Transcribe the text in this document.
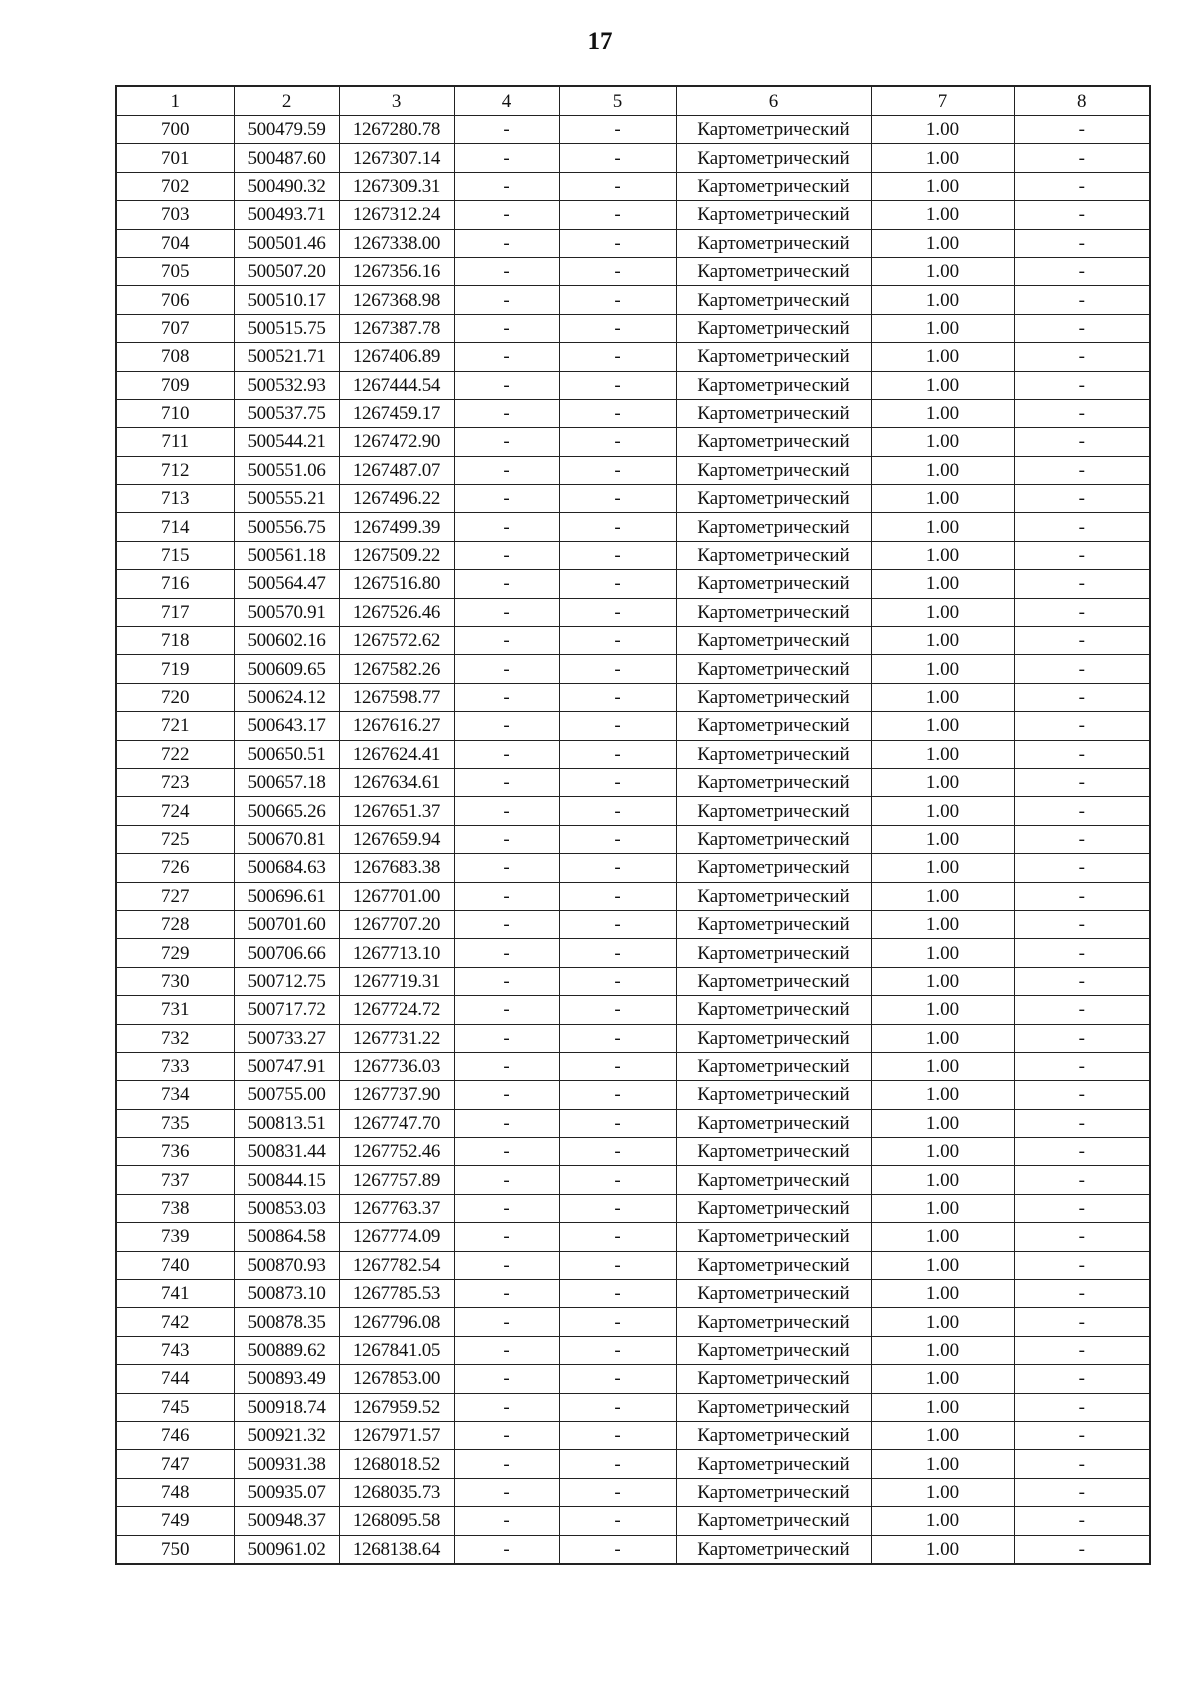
17
1	2	3	4	5	6	7	8
700	500479.59	1267280.78	-	-	Картометрический	1.00	-
701	500487.60	1267307.14	-	-	Картометрический	1.00	-
702	500490.32	1267309.31	-	-	Картометрический	1.00	-
703	500493.71	1267312.24	-	-	Картометрический	1.00	-
704	500501.46	1267338.00	-	-	Картометрический	1.00	-
705	500507.20	1267356.16	-	-	Картометрический	1.00	-
706	500510.17	1267368.98	-	-	Картометрический	1.00	-
707	500515.75	1267387.78	-	-	Картометрический	1.00	-
708	500521.71	1267406.89	-	-	Картометрический	1.00	-
709	500532.93	1267444.54	-	-	Картометрический	1.00	-
710	500537.75	1267459.17	-	-	Картометрический	1.00	-
711	500544.21	1267472.90	-	-	Картометрический	1.00	-
712	500551.06	1267487.07	-	-	Картометрический	1.00	-
713	500555.21	1267496.22	-	-	Картометрический	1.00	-
714	500556.75	1267499.39	-	-	Картометрический	1.00	-
715	500561.18	1267509.22	-	-	Картометрический	1.00	-
716	500564.47	1267516.80	-	-	Картометрический	1.00	-
717	500570.91	1267526.46	-	-	Картометрический	1.00	-
718	500602.16	1267572.62	-	-	Картометрический	1.00	-
719	500609.65	1267582.26	-	-	Картометрический	1.00	-
720	500624.12	1267598.77	-	-	Картометрический	1.00	-
721	500643.17	1267616.27	-	-	Картометрический	1.00	-
722	500650.51	1267624.41	-	-	Картометрический	1.00	-
723	500657.18	1267634.61	-	-	Картометрический	1.00	-
724	500665.26	1267651.37	-	-	Картометрический	1.00	-
725	500670.81	1267659.94	-	-	Картометрический	1.00	-
726	500684.63	1267683.38	-	-	Картометрический	1.00	-
727	500696.61	1267701.00	-	-	Картометрический	1.00	-
728	500701.60	1267707.20	-	-	Картометрический	1.00	-
729	500706.66	1267713.10	-	-	Картометрический	1.00	-
730	500712.75	1267719.31	-	-	Картометрический	1.00	-
731	500717.72	1267724.72	-	-	Картометрический	1.00	-
732	500733.27	1267731.22	-	-	Картометрический	1.00	-
733	500747.91	1267736.03	-	-	Картометрический	1.00	-
734	500755.00	1267737.90	-	-	Картометрический	1.00	-
735	500813.51	1267747.70	-	-	Картометрический	1.00	-
736	500831.44	1267752.46	-	-	Картометрический	1.00	-
737	500844.15	1267757.89	-	-	Картометрический	1.00	-
738	500853.03	1267763.37	-	-	Картометрический	1.00	-
739	500864.58	1267774.09	-	-	Картометрический	1.00	-
740	500870.93	1267782.54	-	-	Картометрический	1.00	-
741	500873.10	1267785.53	-	-	Картометрический	1.00	-
742	500878.35	1267796.08	-	-	Картометрический	1.00	-
743	500889.62	1267841.05	-	-	Картометрический	1.00	-
744	500893.49	1267853.00	-	-	Картометрический	1.00	-
745	500918.74	1267959.52	-	-	Картометрический	1.00	-
746	500921.32	1267971.57	-	-	Картометрический	1.00	-
747	500931.38	1268018.52	-	-	Картометрический	1.00	-
748	500935.07	1268035.73	-	-	Картометрический	1.00	-
749	500948.37	1268095.58	-	-	Картометрический	1.00	-
750	500961.02	1268138.64	-	-	Картометрический	1.00	-
